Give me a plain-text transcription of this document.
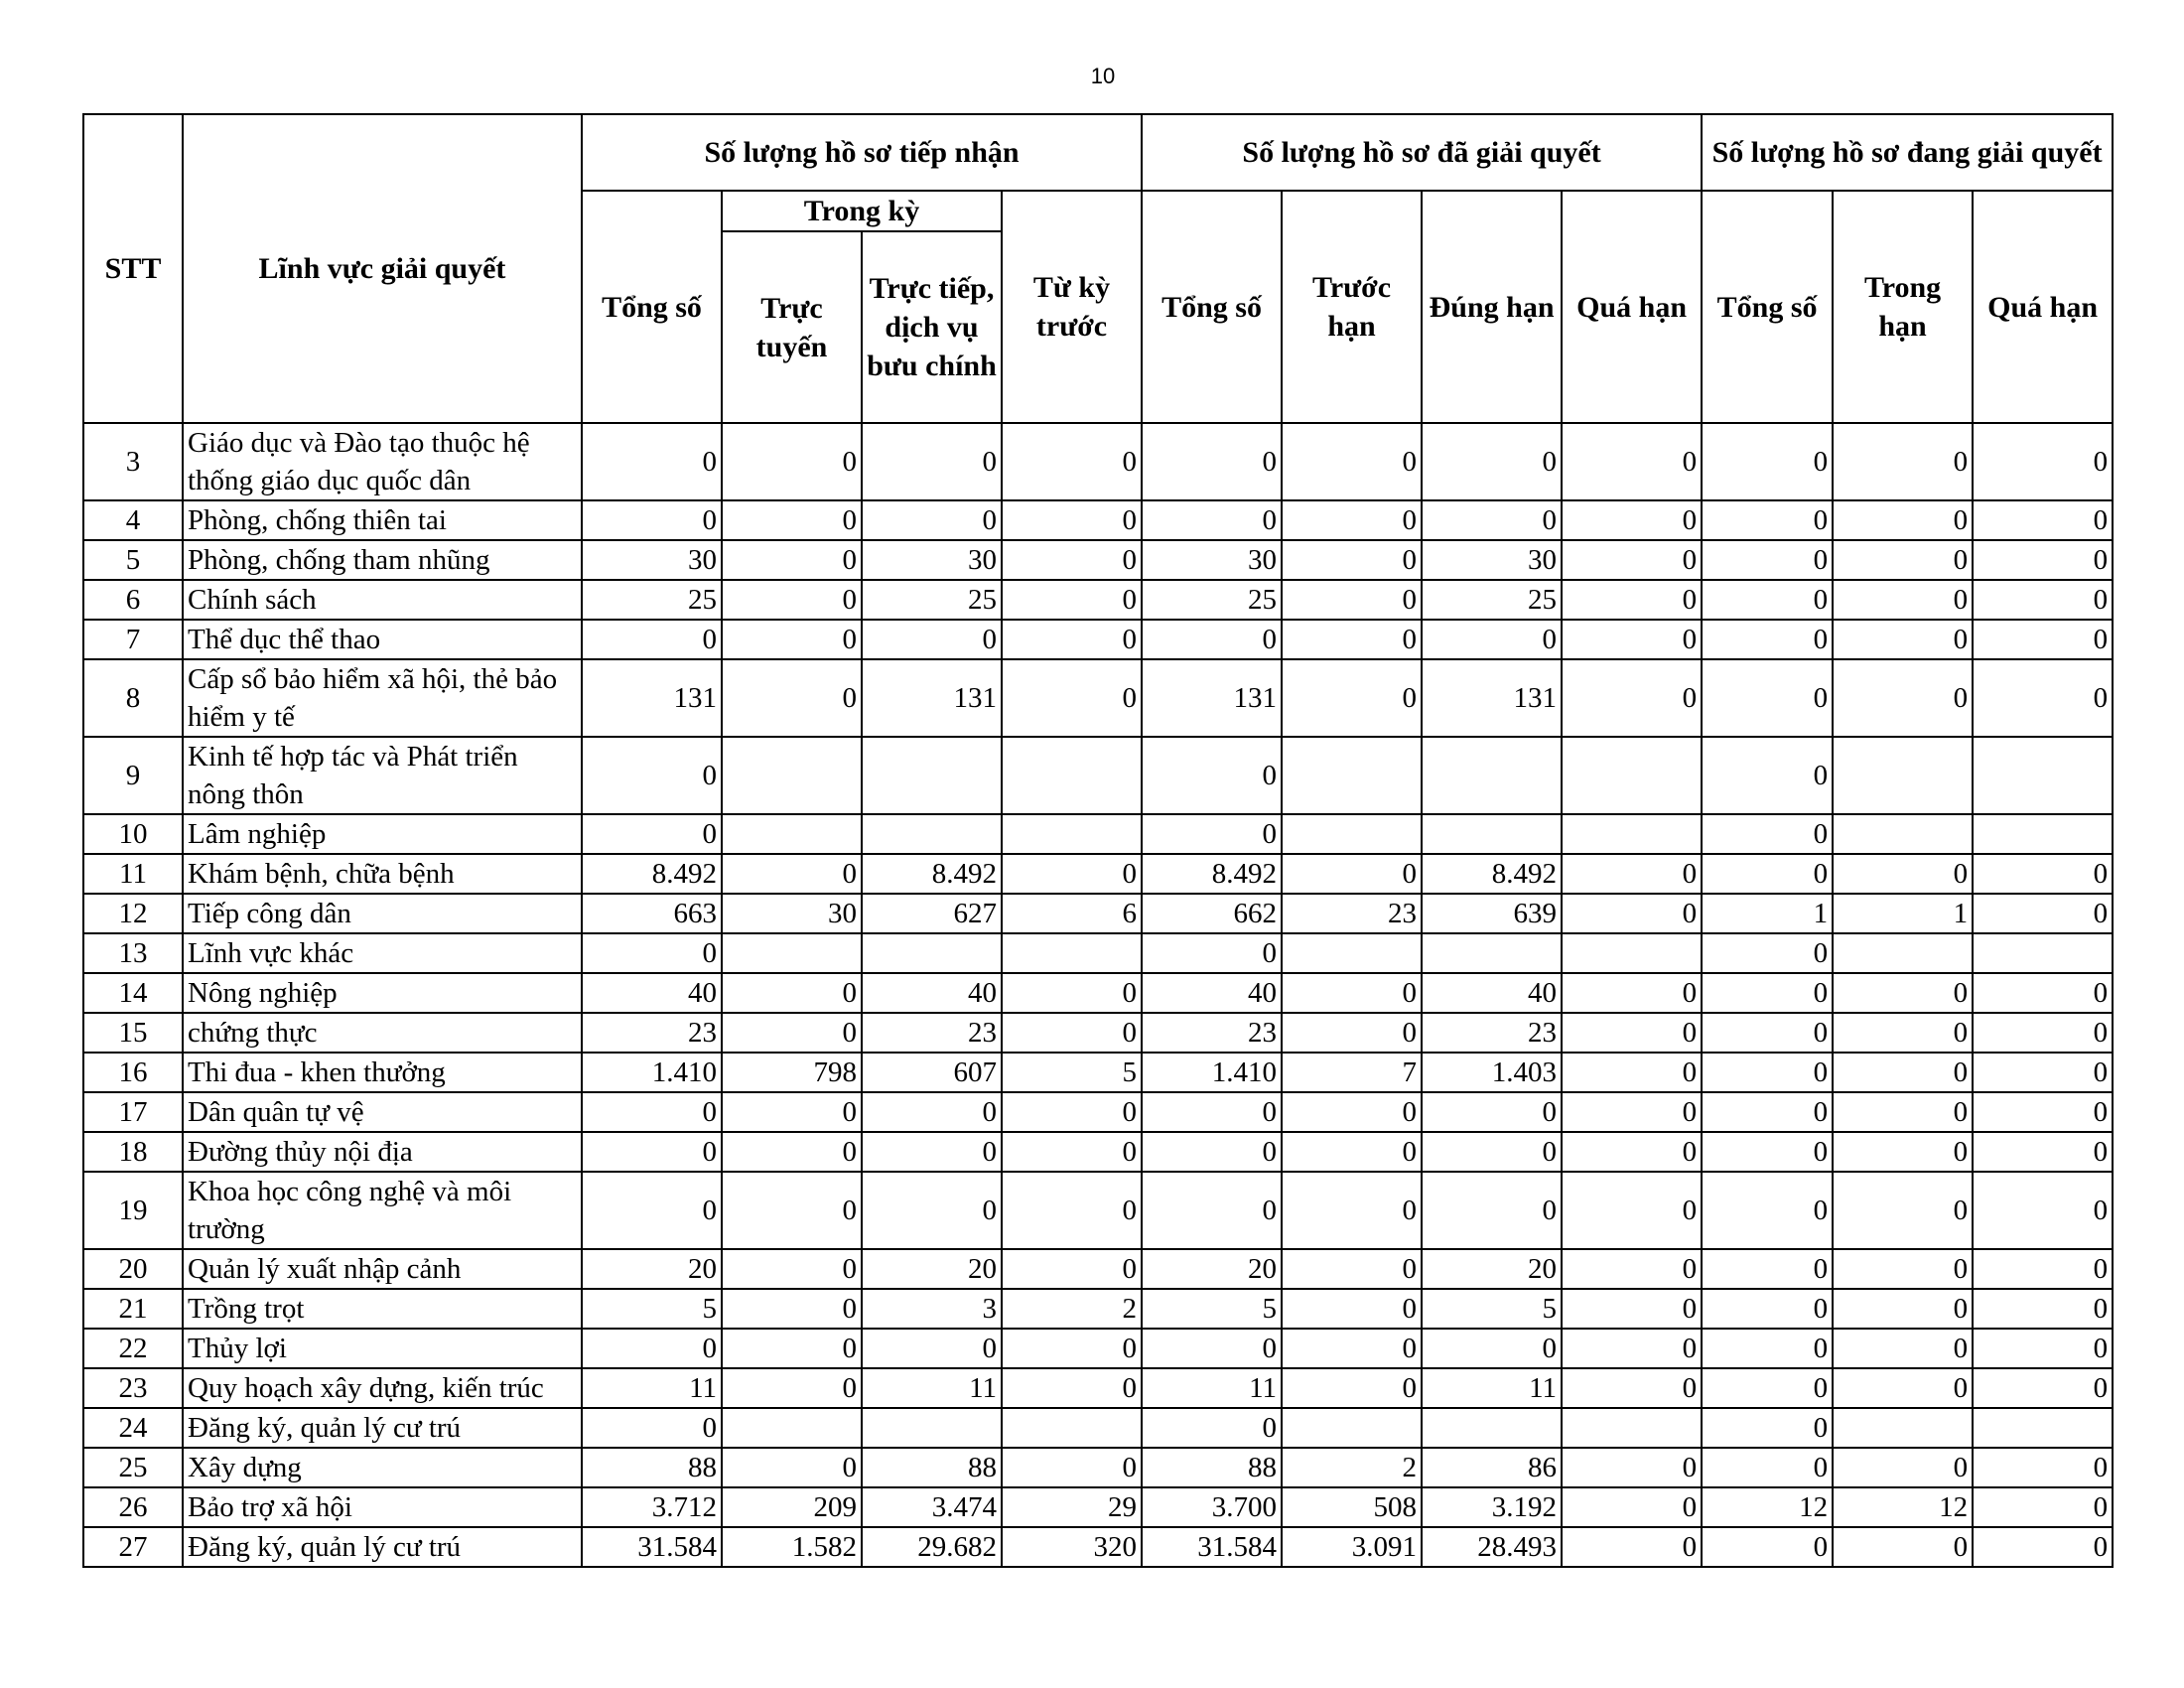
10
STT	Lĩnh vực giải quyết	Số lượng hồ sơ tiếp nhận				Số lượng hồ sơ đã giải quyết				Số lượng hồ sơ đang giải quyết		
		Tổng số	Trong kỳ		Từ kỳ trước	Tổng số	Trước hạn	Đúng hạn	Quá hạn	Tổng số	Trong hạn	Quá hạn
			Trực tuyến	Trực tiếp, dịch vụ bưu chính								
3	Giáo dục và Đào tạo thuộc hệ thống giáo dục quốc dân	0	0	0	0	0	0	0	0	0	0	0
4	Phòng, chống thiên tai	0	0	0	0	0	0	0	0	0	0	0
5	Phòng, chống tham nhũng	30	0	30	0	30	0	30	0	0	0	0
6	Chính sách	25	0	25	0	25	0	25	0	0	0	0
7	Thể dục thể thao	0	0	0	0	0	0	0	0	0	0	0
8	Cấp sổ bảo hiểm xã hội, thẻ bảo hiểm y tế	131	0	131	0	131	0	131	0	0	0	0
9	Kinh tế hợp tác và Phát triển nông thôn	0				0				0		
10	Lâm nghiệp	0				0				0		
11	Khám bệnh, chữa bệnh	8.492	0	8.492	0	8.492	0	8.492	0	0	0	0
12	Tiếp công dân	663	30	627	6	662	23	639	0	1	1	0
13	Lĩnh vực khác	0				0				0		
14	Nông nghiệp	40	0	40	0	40	0	40	0	0	0	0
15	chứng thực	23	0	23	0	23	0	23	0	0	0	0
16	Thi đua - khen thưởng	1.410	798	607	5	1.410	7	1.403	0	0	0	0
17	Dân quân tự vệ	0	0	0	0	0	0	0	0	0	0	0
18	Đường thủy nội địa	0	0	0	0	0	0	0	0	0	0	0
19	Khoa học công nghệ và môi trường	0	0	0	0	0	0	0	0	0	0	0
20	Quản lý xuất nhập cảnh	20	0	20	0	20	0	20	0	0	0	0
21	Trồng trọt	5	0	3	2	5	0	5	0	0	0	0
22	Thủy lợi	0	0	0	0	0	0	0	0	0	0	0
23	Quy hoạch xây dựng, kiến trúc	11	0	11	0	11	0	11	0	0	0	0
24	Đăng ký, quản lý cư trú	0				0				0		
25	Xây dựng	88	0	88	0	88	2	86	0	0	0	0
26	Bảo trợ xã hội	3.712	209	3.474	29	3.700	508	3.192	0	12	12	0
27	Đăng ký, quản lý cư trú	31.584	1.582	29.682	320	31.584	3.091	28.493	0	0	0	0
